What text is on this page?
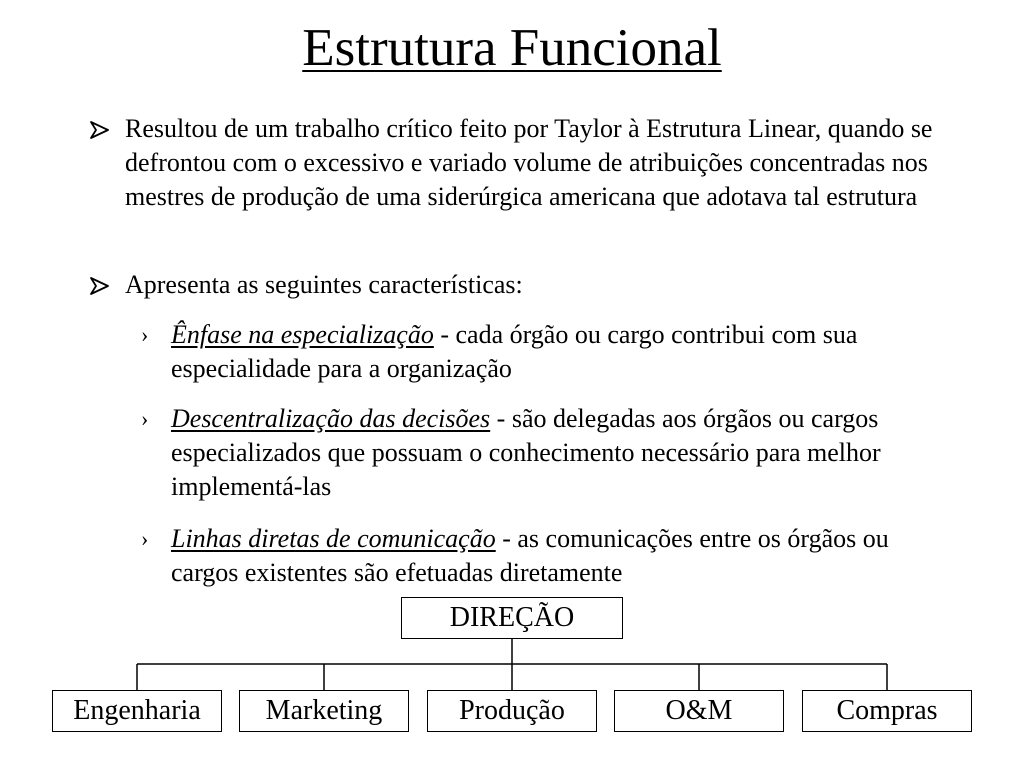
Estrutura Funcional
Resultou de um trabalho crítico feito por Taylor à Estrutura Linear, quando se defrontou com o excessivo e variado volume de atribuições concentradas nos mestres de produção de uma siderúrgica americana que adotava tal estrutura
Apresenta as seguintes características:
› Ênfase na especialização - cada órgão ou cargo contribui com sua especialidade para a organização
› Descentralização das decisões - são delegadas aos órgãos ou cargos especializados que possuam o conhecimento necessário para melhor implementá-las
› Linhas diretas de comunicação - as comunicações entre os órgãos ou cargos existentes são efetuadas diretamente
DIREÇÃO
Engenharia	Marketing	Produção	O&M	Compras
